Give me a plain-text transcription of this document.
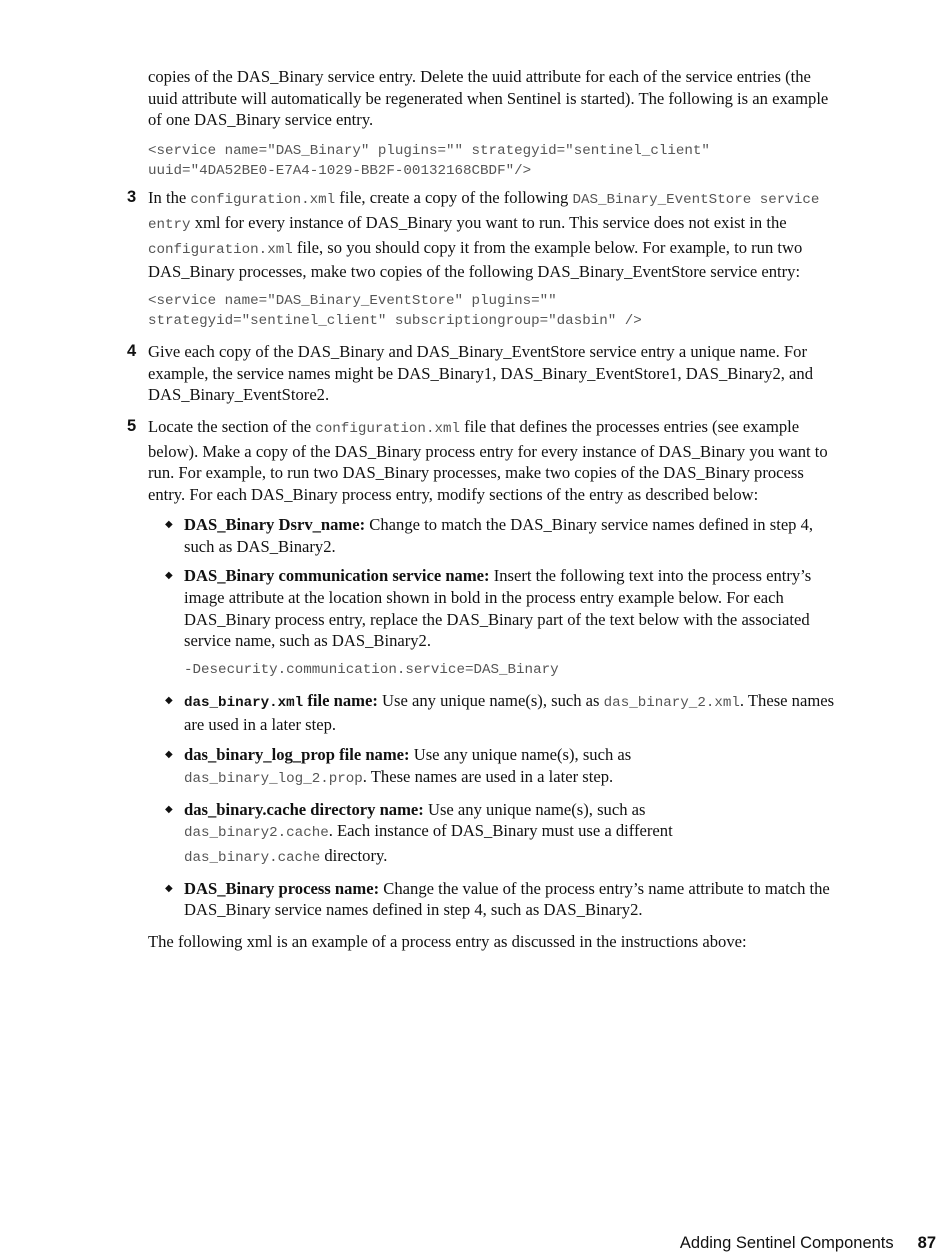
copies of the DAS_Binary service entry. Delete the uuid attribute for each of the service entries (the uuid attribute will automatically be regenerated when Sentinel is started). The following is an example of one DAS_Binary service entry.

<service name="DAS_Binary" plugins="" strategyid="sentinel_client"
uuid="4DA52BE0-E7A4-1029-BB2F-00132168CBDF"/>
3 In the configuration.xml file, create a copy of the following DAS_Binary_EventStore service entry xml for every instance of DAS_Binary you want to run. This service does not exist in the configuration.xml file, so you should copy it from the example below. For example, to run two DAS_Binary processes, make two copies of the following DAS_Binary_EventStore service entry:

<service name="DAS_Binary_EventStore" plugins=""
strategyid="sentinel_client" subscriptiongroup="dasbin" />
4 Give each copy of the DAS_Binary and DAS_Binary_EventStore service entry a unique name. For example, the service names might be DAS_Binary1, DAS_Binary_EventStore1, DAS_Binary2, and DAS_Binary_EventStore2.

5 Locate the section of the configuration.xml file that defines the processes entries (see example below). Make a copy of the DAS_Binary process entry for every instance of DAS_Binary you want to run. For example, to run two DAS_Binary processes, make two copies of the DAS_Binary process entry. For each DAS_Binary process entry, modify sections of the entry as described below:

◆ DAS_Binary Dsrv_name: Change to match the DAS_Binary service names defined in step 4, such as DAS_Binary2.
◆ DAS_Binary communication service name: Insert the following text into the process entry’s image attribute at the location shown in bold in the process entry example below. For each DAS_Binary process entry, replace the DAS_Binary part of the text below with the associated service name, such as DAS_Binary2.
-Desecurity.communication.service=DAS_Binary
◆ das_binary.xml file name: Use any unique name(s), such as das_binary_2.xml. These names are used in a later step.
◆ das_binary_log_prop file name: Use any unique name(s), such as
das_binary_log_2.prop. These names are used in a later step.
◆ das_binary.cache directory name: Use any unique name(s), such as
das_binary2.cache. Each instance of DAS_Binary must use a different
das_binary.cache directory.
◆ DAS_Binary process name: Change the value of the process entry’s name attribute to match the DAS_Binary service names defined in step 4, such as DAS_Binary2.

The following xml is an example of a process entry as discussed in the instructions above:

Adding Sentinel Components 87
